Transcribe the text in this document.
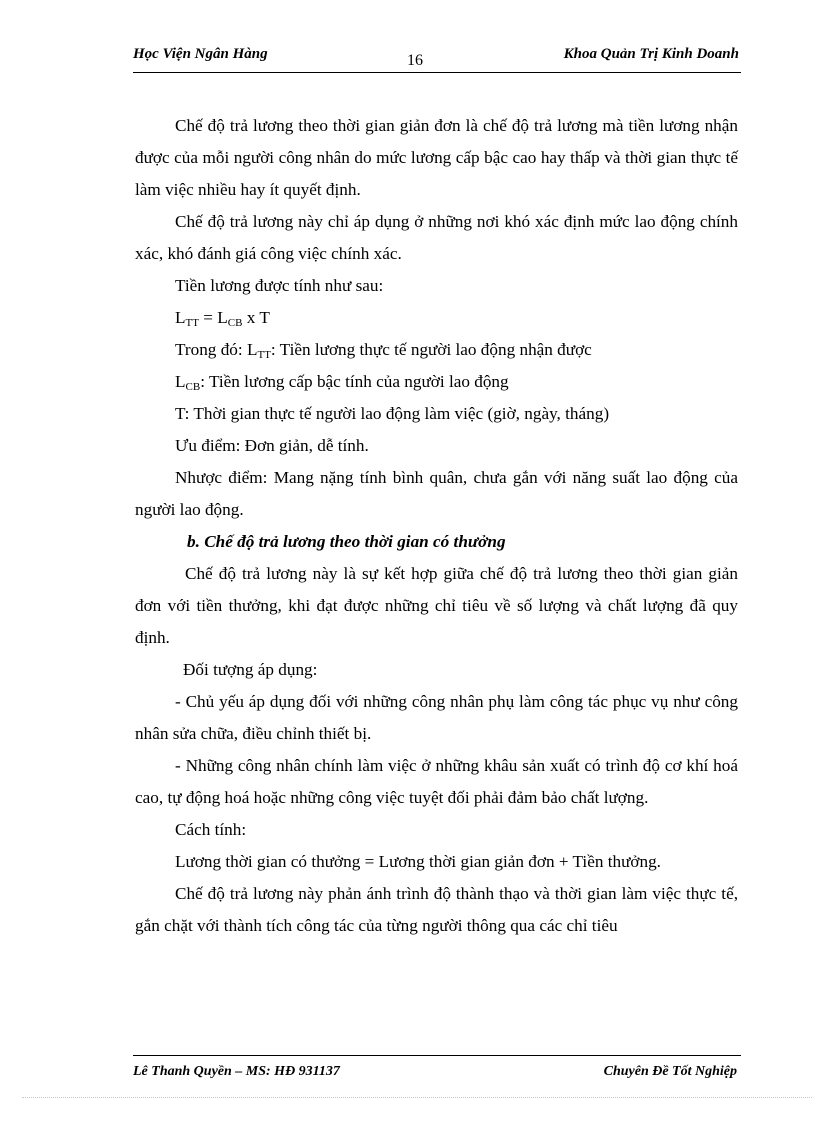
Học Viện Ngân Hàng	16	Khoa Quản Trị Kinh Doanh

Chế độ trả lương theo thời gian giản đơn là chế độ trả lương mà tiền lương nhận được của mỗi người công nhân do mức lương cấp bậc cao hay thấp và thời gian thực tế làm việc nhiều hay ít quyết định.

Chế độ trả lương này chỉ áp dụng ở những nơi khó xác định mức lao động chính xác, khó đánh giá công việc chính xác.

Tiền lương được tính như sau:

$L_{TT} = L_{CB}$ x T

Trong đó: $L_{TT}$: Tiền lương thực tế người lao động nhận được

$L_{CB}$: Tiền lương cấp bậc tính của người lao động

T: Thời gian thực tế người lao động làm việc (giờ, ngày, tháng)

Ưu điểm: Đơn giản, dễ tính.

Nhược điểm: Mang nặng tính bình quân, chưa gắn với năng suất lao động của người lao động.

b. Chế độ trả lương theo thời gian có thưởng

Chế độ trả lương này là sự kết hợp giữa chế độ trả lương theo thời gian giản đơn với tiền thưởng, khi đạt được những chỉ tiêu về số lượng và chất lượng đã quy định.

Đối tượng áp dụng:

- Chủ yếu áp dụng đối với những công nhân phụ làm công tác phục vụ như công nhân sửa chữa, điều chỉnh thiết bị.

- Những công nhân chính làm việc ở những khâu sản xuất có trình độ cơ khí hoá cao, tự động hoá hoặc những công việc tuyệt đối phải đảm bảo chất lượng.

Cách tính:

Lương thời gian có thưởng = Lương thời gian giản đơn + Tiền thưởng.

Chế độ trả lương này phản ánh trình độ thành thạo và thời gian làm việc thực tế, gắn chặt với thành tích công tác của từng người thông qua các chỉ tiêu

Lê Thanh Quyền – MS: HĐ 931137	Chuyên Đề Tốt Nghiệp
